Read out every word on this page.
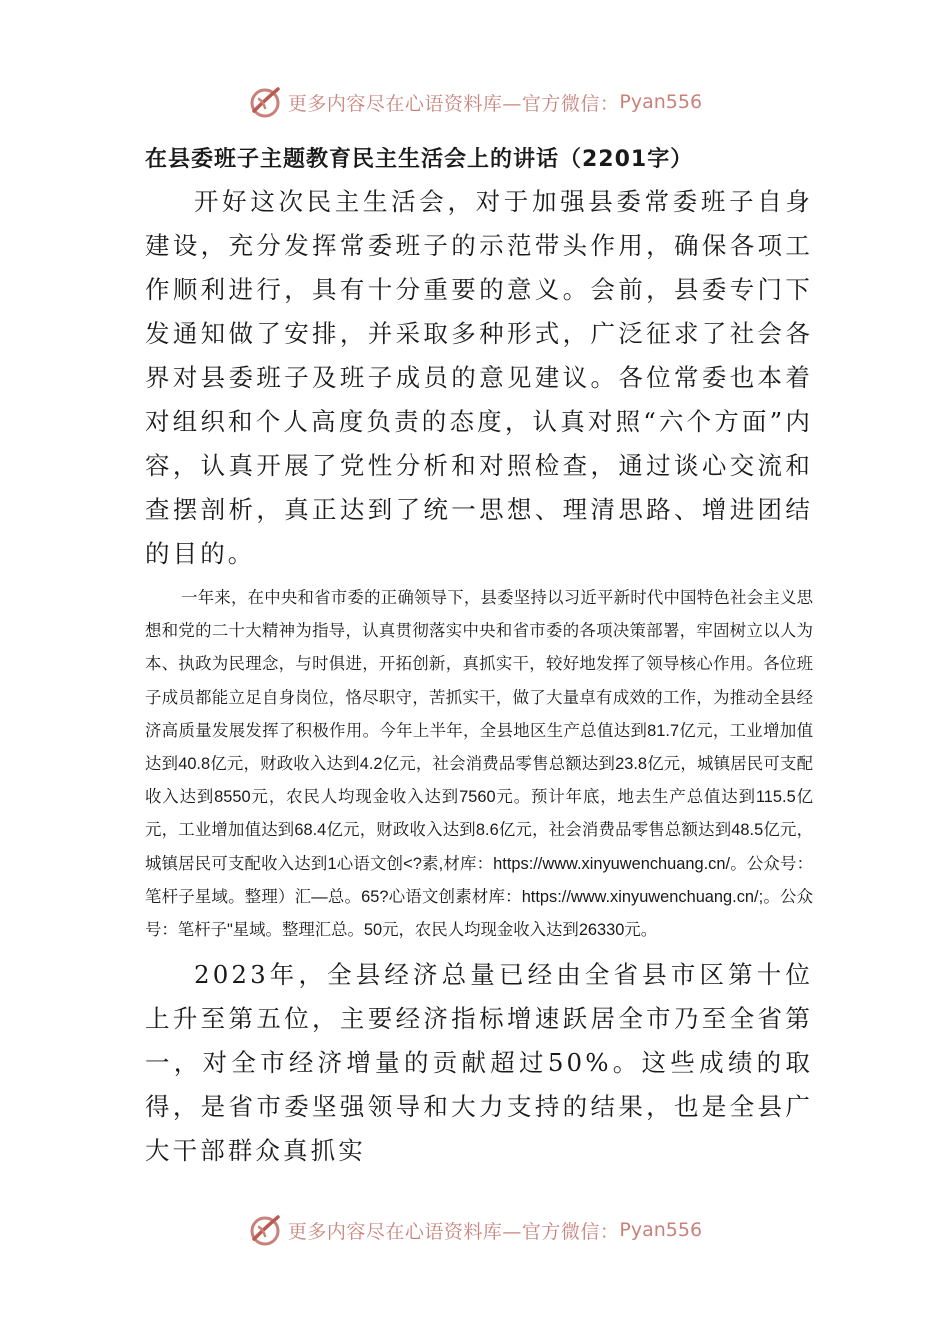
更多内容尽在心语资料库—官方微信： Pyan556
在县委班子主题教育民主生活会上的讲话（2201字）

开好这次民主生活会，对于加强县委常委班子自身建设，充分发挥常委班子的示范带头作用，确保各项工作顺利进行，具有十分重要的意义。会前，县委专门下发通知做了安排，并采取多种形式，广泛征求了社会各界对县委班子及班子成员的意见建议。各位常委也本着对组织和个人高度负责的态度，认真对照“六个方面”内容，认真开展了党性分析和对照检查，通过谈心交流和查摆剖析，真正达到了统一思想、理清思路、增进团结的目的。

一年来，在中央和省市委的正确领导下，县委坚持以习近平新时代中国特色社会主义思想和党的二十大精神为指导，认真贯彻落实中央和省市委的各项决策部署，牢固树立以人为本、执政为民理念，与时俱进，开拓创新，真抓实干，较好地发挥了领导核心作用。各位班子成员都能立足自身岗位，恪尽职守，苦抓实干，做了大量卓有成效的工作，为推动全县经济高质量发展发挥了积极作用。今年上半年，全县地区生产总值达到81.7亿元，工业增加值达到40.8亿元，财政收入达到4.2亿元，社会消费品零售总额达到23.8亿元，城镇居民可支配收入达到8550元，农民人均现金收入达到7560元。预计年底，地去生产总值达到115.5亿元，工业增加值达到68.4亿元，财政收入达到8.6亿元，社会消费品零售总额达到48.5亿元，城镇居民可支配收入达到1心语文创<?素,材库：https://www.xinyuwenchuang.cn/。公众号：笔杆子星域。整理）汇—总。65?心语文创素材库：https://www.xinyuwenchuang.cn/;。公众号：笔杆子"星域。整理汇总。50元，农民人均现金收入达到26330元。

2023年，全县经济总量已经由全省县市区第十位上升至第五位，主要经济指标增速跃居全市乃至全省第一，对全市经济增量的贡献超过50%。这些成绩的取得，是省市委坚强领导和大力支持的结果，也是全县广大干部群众真抓实

更多内容尽在心语资料库—官方微信： Pyan556
